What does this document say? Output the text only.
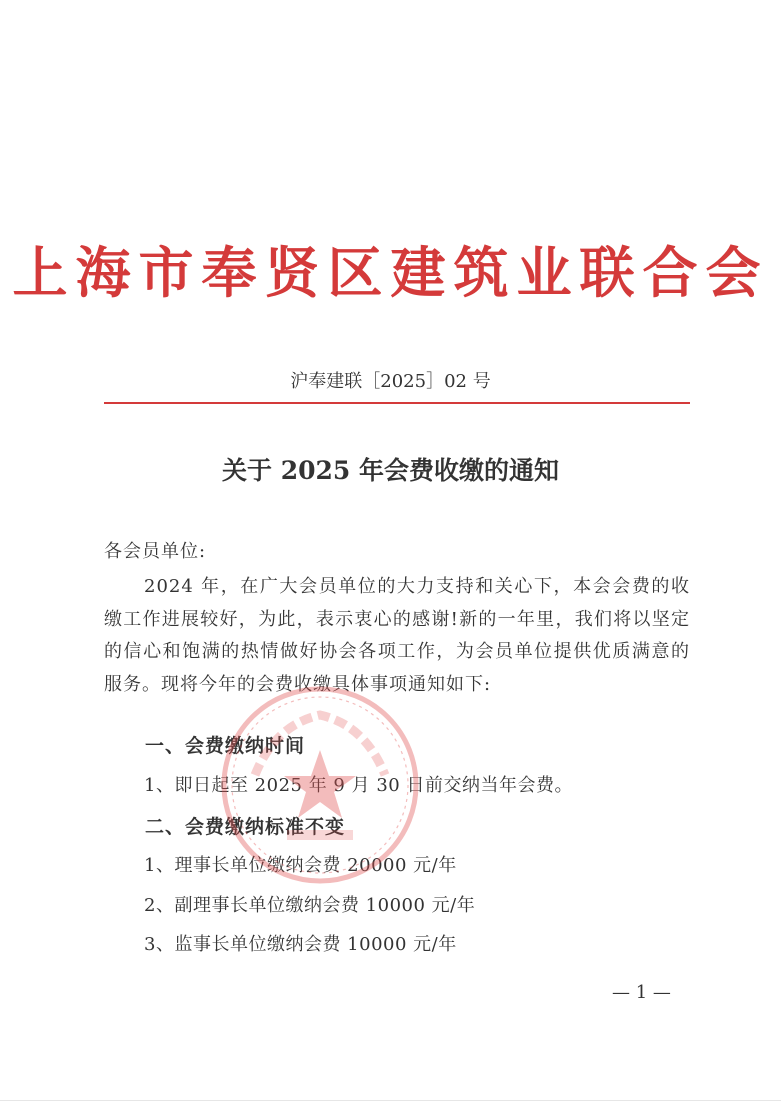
上海市奉贤区建筑业联合会
沪奉建联［2025］02 号
关于 2025 年会费收缴的通知
各会员单位:
2024 年，在广大会员单位的大力支持和关心下，本会会费的收缴工作进展较好，为此，表示衷心的感谢!新的一年里，我们将以坚定的信心和饱满的热情做好协会各项工作，为会员单位提供优质满意的服务。现将今年的会费收缴具体事项通知如下:
一、会费缴纳时间
1、即日起至 2025 年 9 月 30 日前交纳当年会费。
二、会费缴纳标准不变
1、理事长单位缴纳会费 20000 元/年
2、副理事长单位缴纳会费 10000 元/年
3、监事长单位缴纳会费 10000 元/年
— 1 —
